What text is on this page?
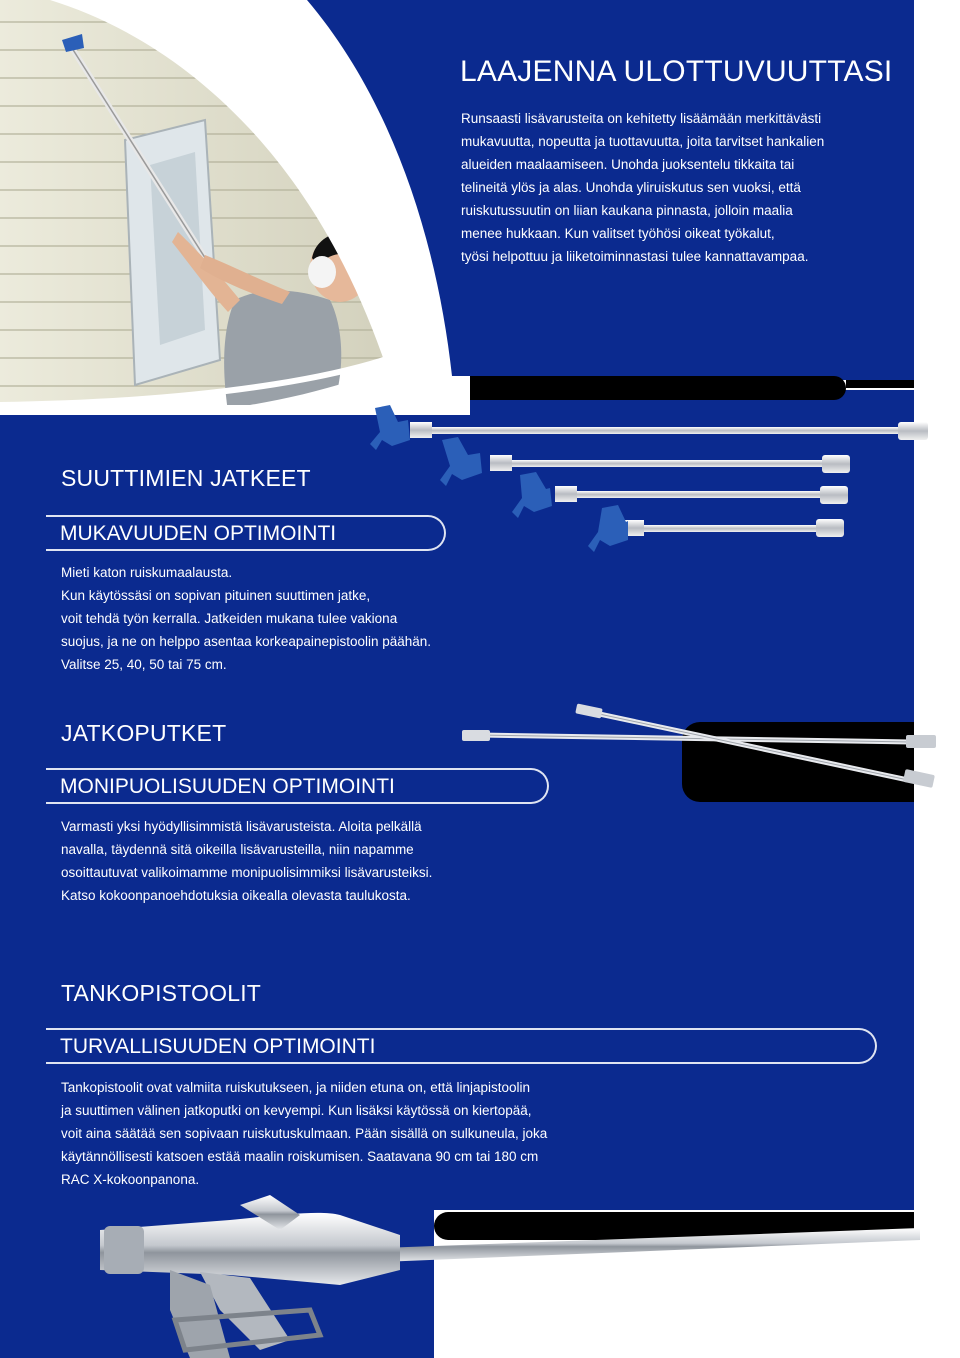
LAAJENNA ULOTTUVUUTTASI

Runsaasti lisävarusteita on kehitetty lisäämään merkittävästi

mukavuutta, nopeutta ja tuottavuutta, joita tarvitset hankalien

alueiden maalaamiseen. Unohda juoksentelu tikkaita tai

telineitä ylös ja alas. Unohda yliruiskutus sen vuoksi, että

ruiskutussuutin on liian kaukana pinnasta, jolloin maalia

menee hukkaan. Kun valitset työhösi oikeat työkalut,

työsi helpottuu ja liiketoiminnastasi tulee kannattavampaa.

SUUTTIMIEN JATKEET
MUKAVUUDEN OPTIMOINTI

Mieti katon ruiskumaalausta.

Kun käytössäsi on sopivan pituinen suuttimen jatke,

voit tehdä työn kerralla. Jatkeiden mukana tulee vakiona

suojus, ja ne on helppo asentaa korkeapainepistoolin päähän.

Valitse 25, 40, 50 tai 75 cm.

JATKOPUTKET
MONIPUOLISUUDEN OPTIMOINTI

Varmasti yksi hyödyllisimmistä lisävarusteista. Aloita pelkällä

navalla, täydennä sitä oikeilla lisävarusteilla, niin napamme

osoittautuvat valikoimamme monipuolisimmiksi lisävarusteiksi.

Katso kokoonpanoehdotuksia oikealla olevasta taulukosta.

TANKOPISTOOLIT
TURVALLISUUDEN OPTIMOINTI

Tankopistoolit ovat valmiita ruiskutukseen, ja niiden etuna on, että linjapistoolin

ja suuttimen välinen jatkoputki on kevyempi. Kun lisäksi käytössä on kiertopää,

voit aina säätää sen sopivaan ruiskutuskulmaan. Pään sisällä on sulkuneula, joka

käytännöllisesti katsoen estää maalin roiskumisen. Saatavana 90 cm tai 180 cm

RAC X-kokoonpanona.
